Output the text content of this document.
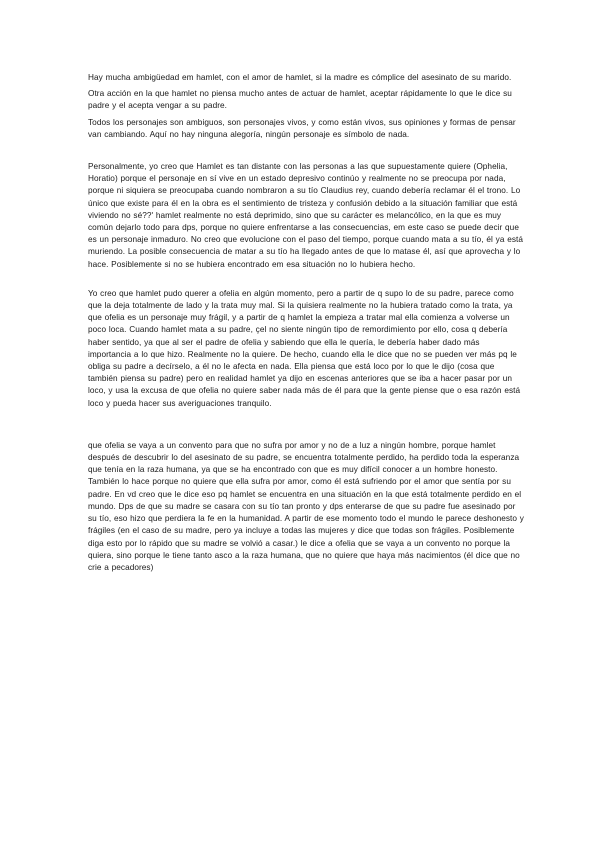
Hay mucha ambigüedad em hamlet, con el amor de hamlet, si la madre es cómplice del asesinato de su marido.

Otra acción en la que hamlet no piensa mucho antes de actuar de hamlet, aceptar rápidamente lo que le dice su padre y el acepta vengar a su padre.

Todos los personajes son ambiguos, son personajes vivos, y como están vivos, sus opiniones y formas de pensar van cambiando. Aquí no hay ninguna alegoría, ningún personaje es símbolo de nada.

Personalmente, yo creo que Hamlet es tan distante con las personas a las que supuestamente quiere (Ophelia, Horatio) porque el personaje en sí vive en un estado depresivo continúo y realmente no se preocupa por nada, porque ni siquiera se preocupaba cuando nombraron a su tío Claudius rey, cuando debería reclamar él el trono. Lo único que existe para él en la obra es el sentimiento de tristeza y confusión debido a la situación familiar que está viviendo no sé??' hamlet realmente no está deprimido, sino que su carácter es melancólico, en la que es muy común dejarlo todo para dps, porque no quiere enfrentarse a las consecuencias, em este caso se puede decir que es un personaje inmaduro. No creo que evolucione con el paso del tiempo, porque cuando mata a su tío, él ya está muriendo. La posible consecuencia de matar a su tío ha llegado antes de que lo matase él, así que aprovecha y lo hace. Posiblemente si no se hubiera encontrado em esa situación no lo hubiera hecho.

Yo creo que hamlet pudo querer a ofelia en algún momento, pero a partir de q supo lo de su padre, parece como que la deja totalmente de lado y la trata muy mal. Si la quisiera realmente no la hubiera tratado como la trata, ya que ofelia es un personaje muy frágil, y a partir de q hamlet la empieza a tratar mal ella comienza a volverse un poco loca. Cuando hamlet mata a su padre, çel no siente ningún tipo de remordimiento por ello, cosa q debería haber sentido, ya que al ser el padre de ofelia y sabiendo que ella le quería, le debería haber dado más importancia a lo que hizo. Realmente no la quiere. De hecho, cuando ella le dice que no se pueden ver más pq le obliga su padre a decírselo, a él no le afecta en nada. Ella piensa que está loco por lo que le dijo (cosa que también piensa su padre) pero en realidad hamlet ya dijo en escenas anteriores que se iba a hacer pasar por un loco, y usa la excusa de que ofelia no quiere saber nada más de él para que la gente piense que o esa razón está loco y pueda hacer sus averiguaciones tranquilo.

que ofelia se vaya a un convento para que no sufra por amor y no de a luz a ningún hombre, porque hamlet después de descubrir lo del asesinato de su padre, se encuentra totalmente perdido, ha perdido toda la esperanza que tenía en la raza humana, ya que se ha encontrado con que es muy difícil conocer a un hombre honesto. También lo hace porque no quiere que ella sufra por amor, como él está sufriendo por el amor que sentía por su padre. En vd creo que le dice eso pq hamlet se encuentra en una situación en la que está totalmente perdido en el mundo. Dps de que su madre se casara con su tío tan pronto y dps enterarse de que su padre fue asesinado por su tío, eso hizo que perdiera la fe en la humanidad. A partir de ese momento todo el mundo le parece deshonesto y frágiles (en el caso de su madre, pero ya incluye a todas las mujeres y dice que todas son frágiles. Posiblemente diga esto por lo rápido que su madre se volvió a casar.) le dice a ofelia que se vaya a un convento no porque la quiera, sino porque le tiene tanto asco a la raza humana, que no quiere que haya más nacimientos (él dice que no crie a pecadores)
